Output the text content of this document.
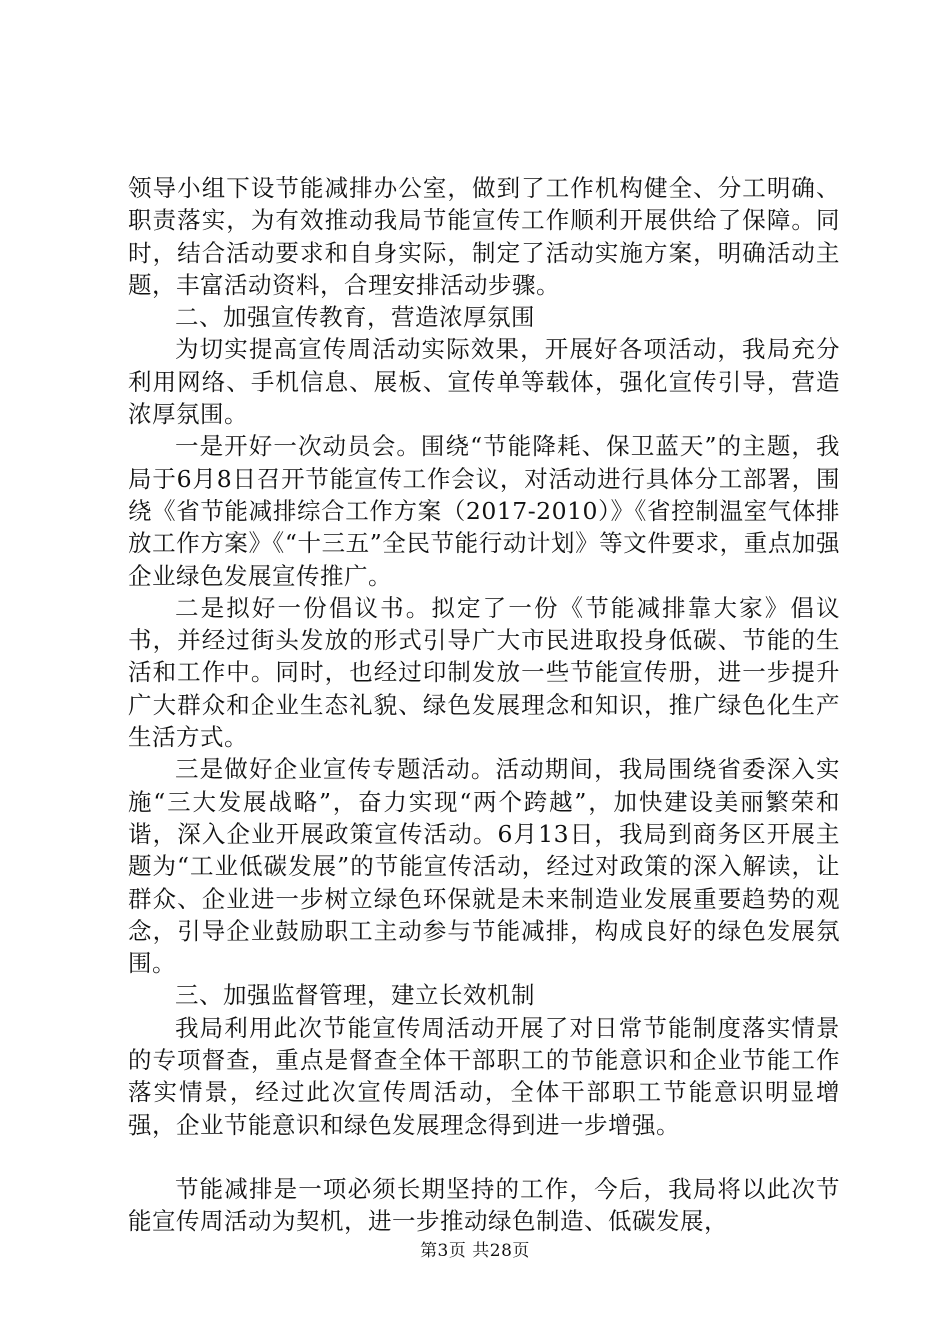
领导小组下设节能减排办公室，做到了工作机构健全、分工明确、职责落实，为有效推动我局节能宣传工作顺利开展供给了保障。同时，结合活动要求和自身实际，制定了活动实施方案，明确活动主题，丰富活动资料，合理安排活动步骤。

二、加强宣传教育，营造浓厚氛围

为切实提高宣传周活动实际效果，开展好各项活动，我局充分利用网络、手机信息、展板、宣传单等载体，强化宣传引导，营造浓厚氛围。

一是开好一次动员会。围绕“节能降耗、保卫蓝天”的主题，我局于6月8日召开节能宣传工作会议，对活动进行具体分工部署，围绕《省节能减排综合工作方案（2017-2010）》《省控制温室气体排放工作方案》《“十三五”全民节能行动计划》等文件要求，重点加强企业绿色发展宣传推广。

二是拟好一份倡议书。拟定了一份《节能减排靠大家》倡议书，并经过街头发放的形式引导广大市民进取投身低碳、节能的生活和工作中。同时，也经过印制发放一些节能宣传册，进一步提升广大群众和企业生态礼貌、绿色发展理念和知识，推广绿色化生产生活方式。

三是做好企业宣传专题活动。活动期间，我局围绕省委深入实施“三大发展战略”，奋力实现“两个跨越”，加快建设美丽繁荣和谐，深入企业开展政策宣传活动。6月13日，我局到商务区开展主题为“工业低碳发展”的节能宣传活动，经过对政策的深入解读，让群众、企业进一步树立绿色环保就是未来制造业发展重要趋势的观念，引导企业鼓励职工主动参与节能减排，构成良好的绿色发展氛围。

三、加强监督管理，建立长效机制

我局利用此次节能宣传周活动开展了对日常节能制度落实情景的专项督查，重点是督查全体干部职工的节能意识和企业节能工作落实情景，经过此次宣传周活动，全体干部职工节能意识明显增强，企业节能意识和绿色发展理念得到进一步增强。

节能减排是一项必须长期坚持的工作，今后，我局将以此次节能宣传周活动为契机，进一步推动绿色制造、低碳发展，

第3页 共28页
